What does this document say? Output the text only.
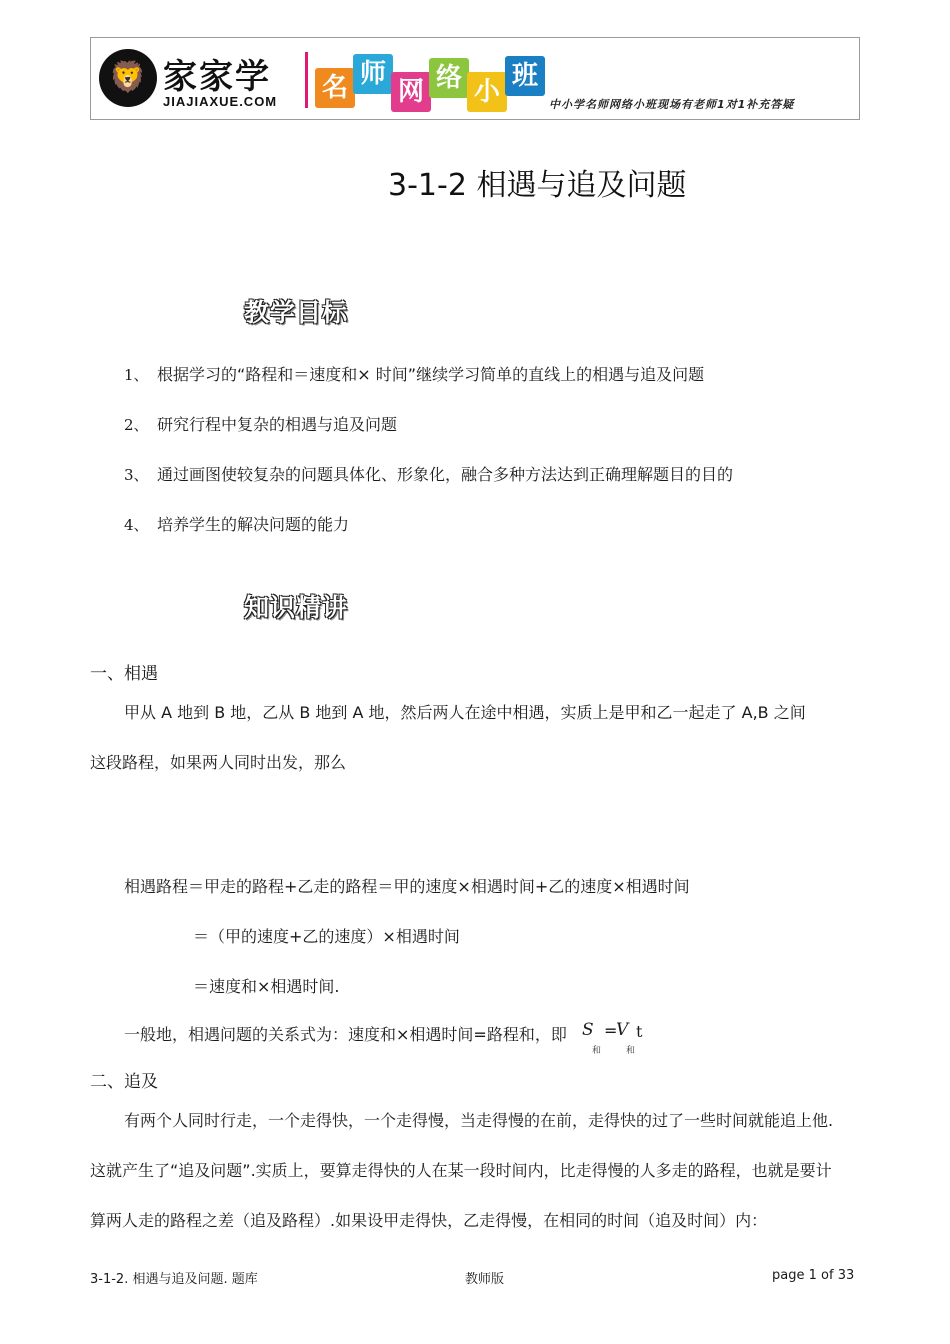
🦁 家家学
JIAJIAXUE.COM 名 师
网 络 小
班
中小学名师网络小班现场有老师1对1补充答疑
3-1-2 相遇与追及问题
教学目标
1、 根据学习的“路程和＝速度和× 时间”继续学习简单的直线上的相遇与追及问题
2、 研究行程中复杂的相遇与追及问题
3、 通过画图使较复杂的问题具体化、形象化，融合多种方法达到正确理解题目的目的
4、 培养学生的解决问题的能力
知识精讲
一、相遇
甲从 A 地到 B 地，乙从 B 地到 A 地，然后两人在途中相遇，实质上是甲和乙一起走了 A,B 之间
这段路程，如果两人同时出发，那么
相遇路程＝甲走的路程+乙走的路程＝甲的速度×相遇时间+乙的速度×相遇时间
＝（甲的速度+乙的速度）×相遇时间
＝速度和×相遇时间.
一般地，相遇问题的关系式为：速度和×相遇时间=路程和，即 S =
V t
和	和
二、追及
有两个人同时行走，一个走得快，一个走得慢，当走得慢的在前，走得快的过了一些时间就能追上他.
这就产生了“追及问题”.实质上，要算走得快的人在某一段时间内，比走得慢的人多走的路程，也就是要计
算两人走的路程之差（追及路程）.如果设甲走得快，乙走得慢，在相同的时间（追及时间）内：
3-1-2. 相遇与追及问题. 题库	教师版	page 1 of 33
